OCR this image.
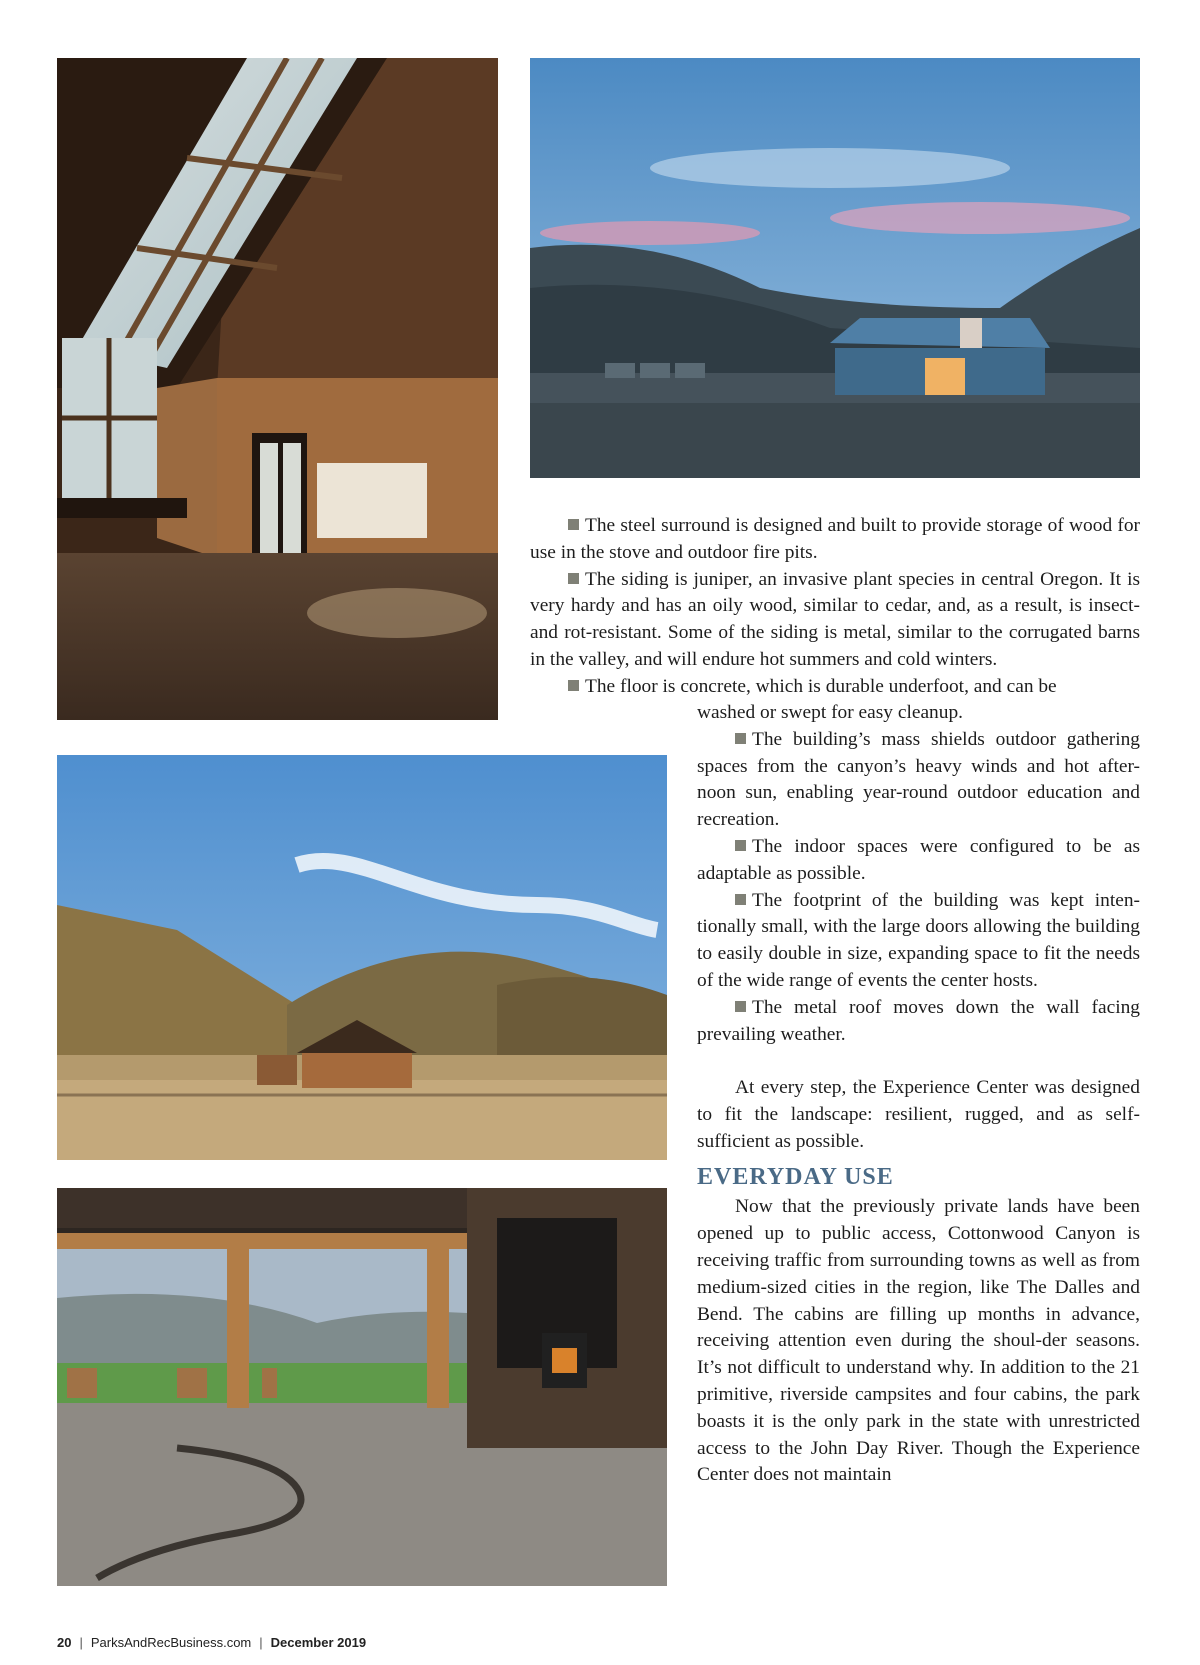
The steel surround is designed and built to provide storage of wood for use in the stove and outdoor fire pits.

The siding is juniper, an invasive plant species in central Oregon. It is very hardy and has an oily wood, similar to cedar, and, as a result, is insect- and rot-resistant. Some of the siding is metal, similar to the corrugated barns in the valley, and will endure hot summers and cold winters.

The floor is concrete, which is durable underfoot, and can be

washed or swept for easy cleanup.

The building’s mass shields outdoor gathering spaces from the canyon’s heavy winds and hot after-noon sun, enabling year-round outdoor education and recreation.

The indoor spaces were configured to be as adaptable as possible.

The footprint of the building was kept inten-tionally small, with the large doors allowing the building to easily double in size, expanding space to fit the needs of the wide range of events the center hosts.

The metal roof moves down the wall facing prevailing weather.

At every step, the Experience Center was designed to fit the landscape: resilient, rugged, and as self-sufficient as possible.

EVERYDAY USE

Now that the previously private lands have been opened up to public access, Cottonwood Canyon is receiving traffic from surrounding towns as well as from medium-sized cities in the region, like The Dalles and Bend. The cabins are filling up months in advance, receiving attention even during the shoul-der seasons. It’s not difficult to understand why. In addition to the 21 primitive, riverside campsites and four cabins, the park boasts it is the only park in the state with unrestricted access to the John Day River. Though the Experience Center does not maintain

20 | ParksAndRecBusiness.com | December 2019
